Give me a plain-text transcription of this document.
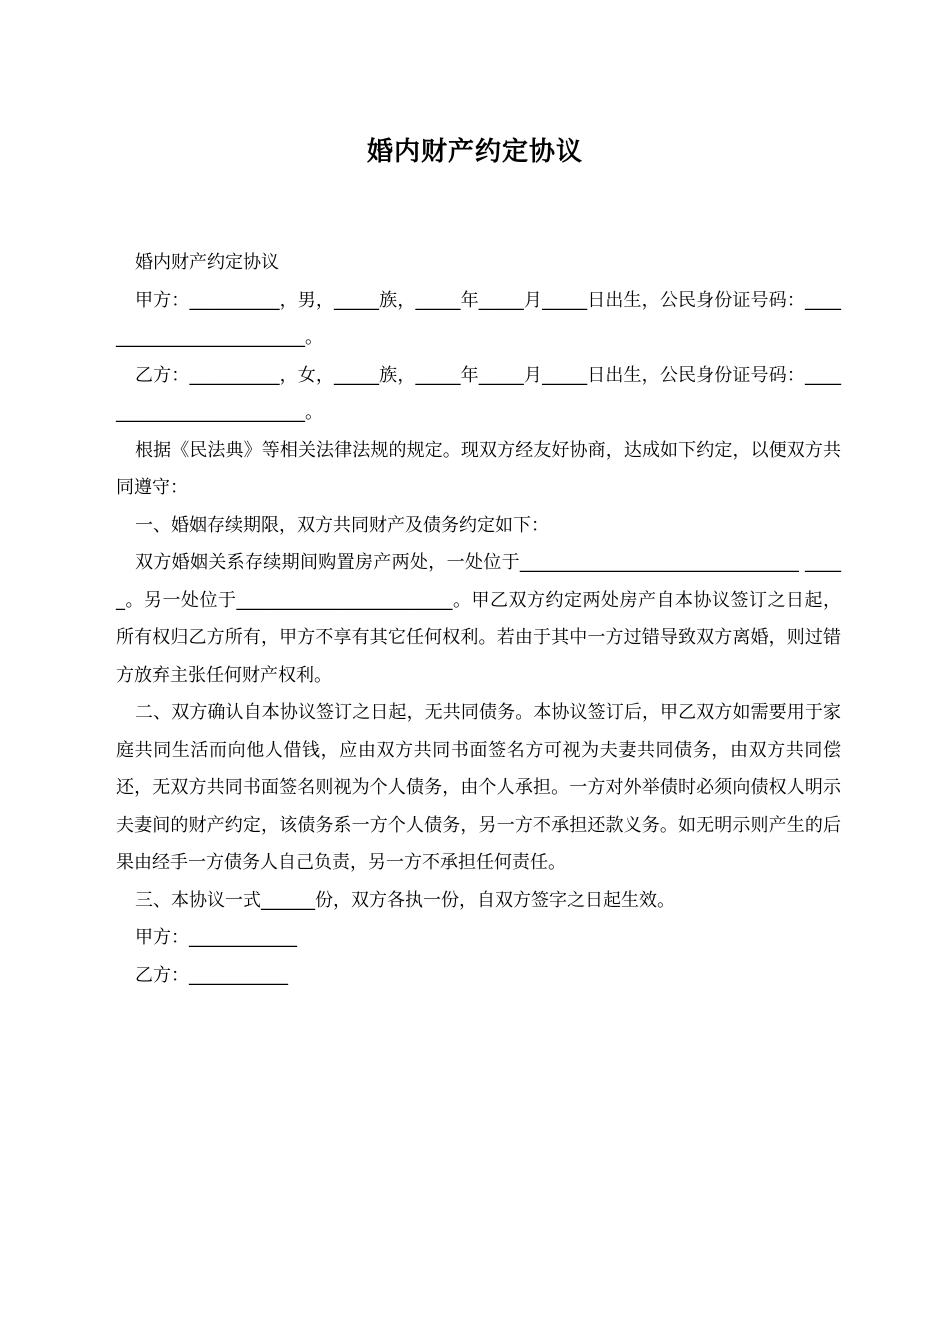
婚内财产约定协议

婚内财产约定协议

甲方：__________，男，_____族，_____年_____月_____日出生，公民身份证号码：_________________________。

乙方：__________，女，_____族，_____年_____月_____日出生，公民身份证号码：_________________________。

根据《民法典》等相关法律法规的规定。现双方经友好协商，达成如下约定，以便双方共同遵守：

一、婚姻存续期限，双方共同财产及债务约定如下：

双方婚姻关系存续期间购置房产两处，一处位于_______________________________ _____。另一处位于________________________。甲乙双方约定两处房产自本协议签订之日起，所有权归乙方所有，甲方不享有其它任何权利。若由于其中一方过错导致双方离婚，则过错方放弃主张任何财产权利。

二、双方确认自本协议签订之日起，无共同债务。本协议签订后，甲乙双方如需要用于家庭共同生活而向他人借钱，应由双方共同书面签名方可视为夫妻共同债务，由双方共同偿还，无双方共同书面签名则视为个人债务，由个人承担。一方对外举债时必须向债权人明示夫妻间的财产约定，该债务系一方个人债务，另一方不承担还款义务。如无明示则产生的后果由经手一方债务人自己负责，另一方不承担任何责任。

三、本协议一式______份，双方各执一份，自双方签字之日起生效。

甲方：____________

乙方：___________
